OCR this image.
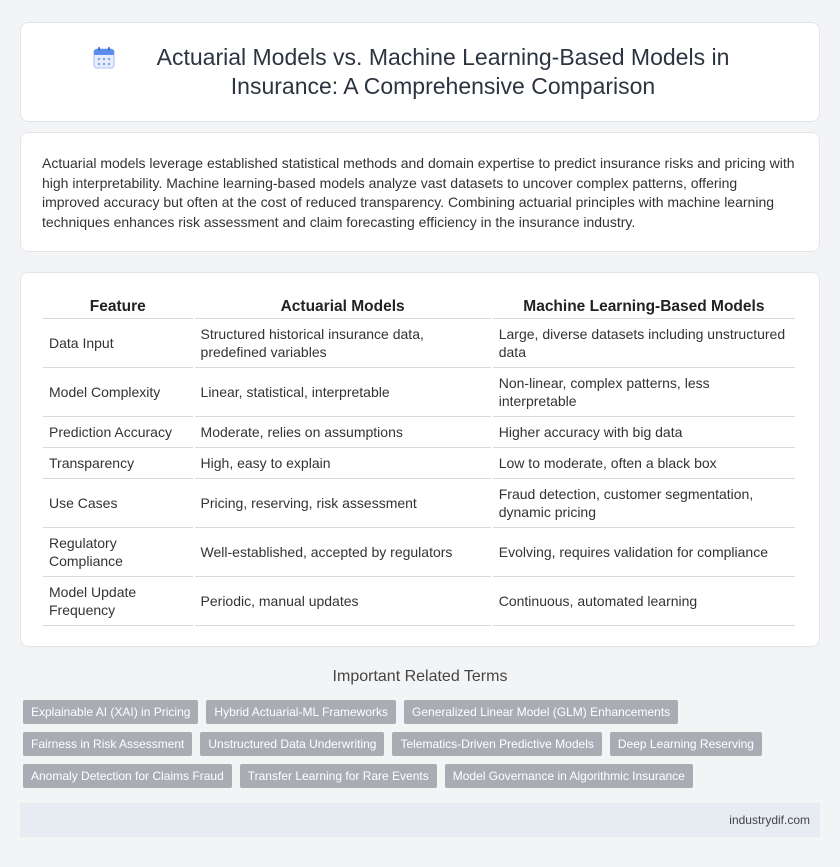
Actuarial Models vs. Machine Learning-Based Models in Insurance: A Comprehensive Comparison

Actuarial models leverage established statistical methods and domain expertise to predict insurance risks and pricing with high interpretability. Machine learning-based models analyze vast datasets to uncover complex patterns, offering improved accuracy but often at the cost of reduced transparency. Combining actuarial principles with machine learning techniques enhances risk assessment and claim forecasting efficiency in the insurance industry.

Feature	Actuarial Models	Machine Learning-Based Models
Data Input	Structured historical insurance data, predefined variables	Large, diverse datasets including unstructured data
Model Complexity	Linear, statistical, interpretable	Non-linear, complex patterns, less interpretable
Prediction Accuracy	Moderate, relies on assumptions	Higher accuracy with big data
Transparency	High, easy to explain	Low to moderate, often a black box
Use Cases	Pricing, reserving, risk assessment	Fraud detection, customer segmentation, dynamic pricing
Regulatory Compliance	Well-established, accepted by regulators	Evolving, requires validation for compliance
Model Update Frequency	Periodic, manual updates	Continuous, automated learning
Important Related Terms
Explainable AI (XAI) in Pricing	Hybrid Actuarial-ML Frameworks	Generalized Linear Model (GLM) Enhancements
Fairness in Risk Assessment	Unstructured Data Underwriting	Telematics-Driven Predictive Models	Deep Learning Reserving
Anomaly Detection for Claims Fraud	Transfer Learning for Rare Events	Model Governance in Algorithmic Insurance
industrydif.com
